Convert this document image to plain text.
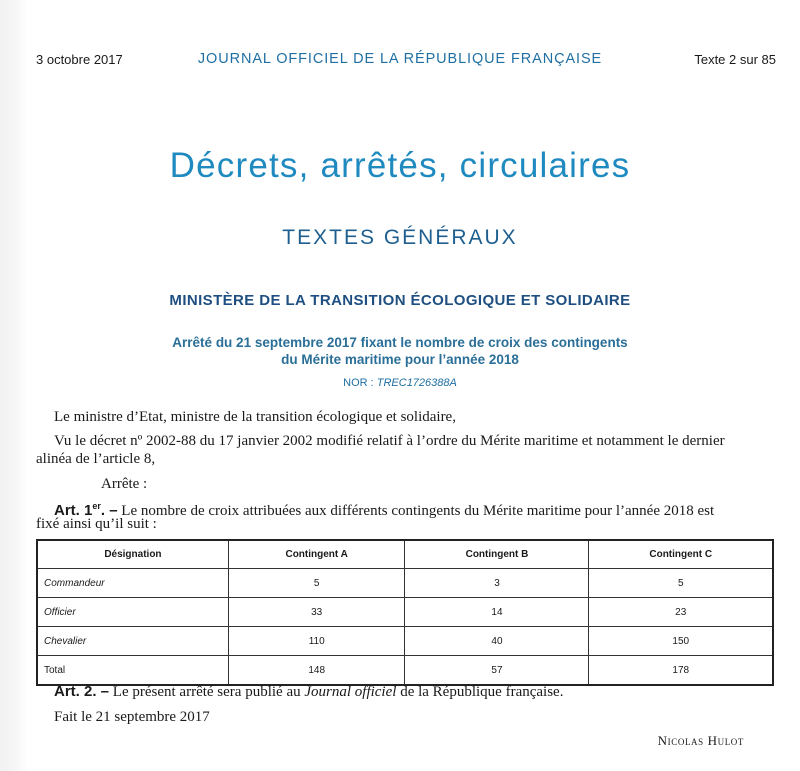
3 octobre 2017	JOURNAL OFFICIEL DE LA RÉPUBLIQUE FRANÇAISE	Texte 2 sur 85
Décrets, arrêtés, circulaires
TEXTES GÉNÉRAUX
MINISTÈRE DE LA TRANSITION ÉCOLOGIQUE ET SOLIDAIRE
Arrêté du 21 septembre 2017 fixant le nombre de croix des contingents
du Mérite maritime pour l’année 2018
NOR : TREC1726388A
Le ministre d’Etat, ministre de la transition écologique et solidaire,
Vu le décret nº 2002-88 du 17 janvier 2002 modifié relatif à l’ordre du Mérite maritime et notamment le dernier
alinéa de l’article 8,
Arrête :
Art. 1er. – Le nombre de croix attribuées aux différents contingents du Mérite maritime pour l’année 2018 est
fixé ainsi qu’il suit :
Désignation	Contingent A	Contingent B	Contingent C
Commandeur	5	3	5
Officier	33	14	23
Chevalier	110	40	150
Total	148	57	178
Art. 2. – Le présent arrêté sera publié au Journal officiel de la République française.
Fait le 21 septembre 2017
Nicolas Hulot
